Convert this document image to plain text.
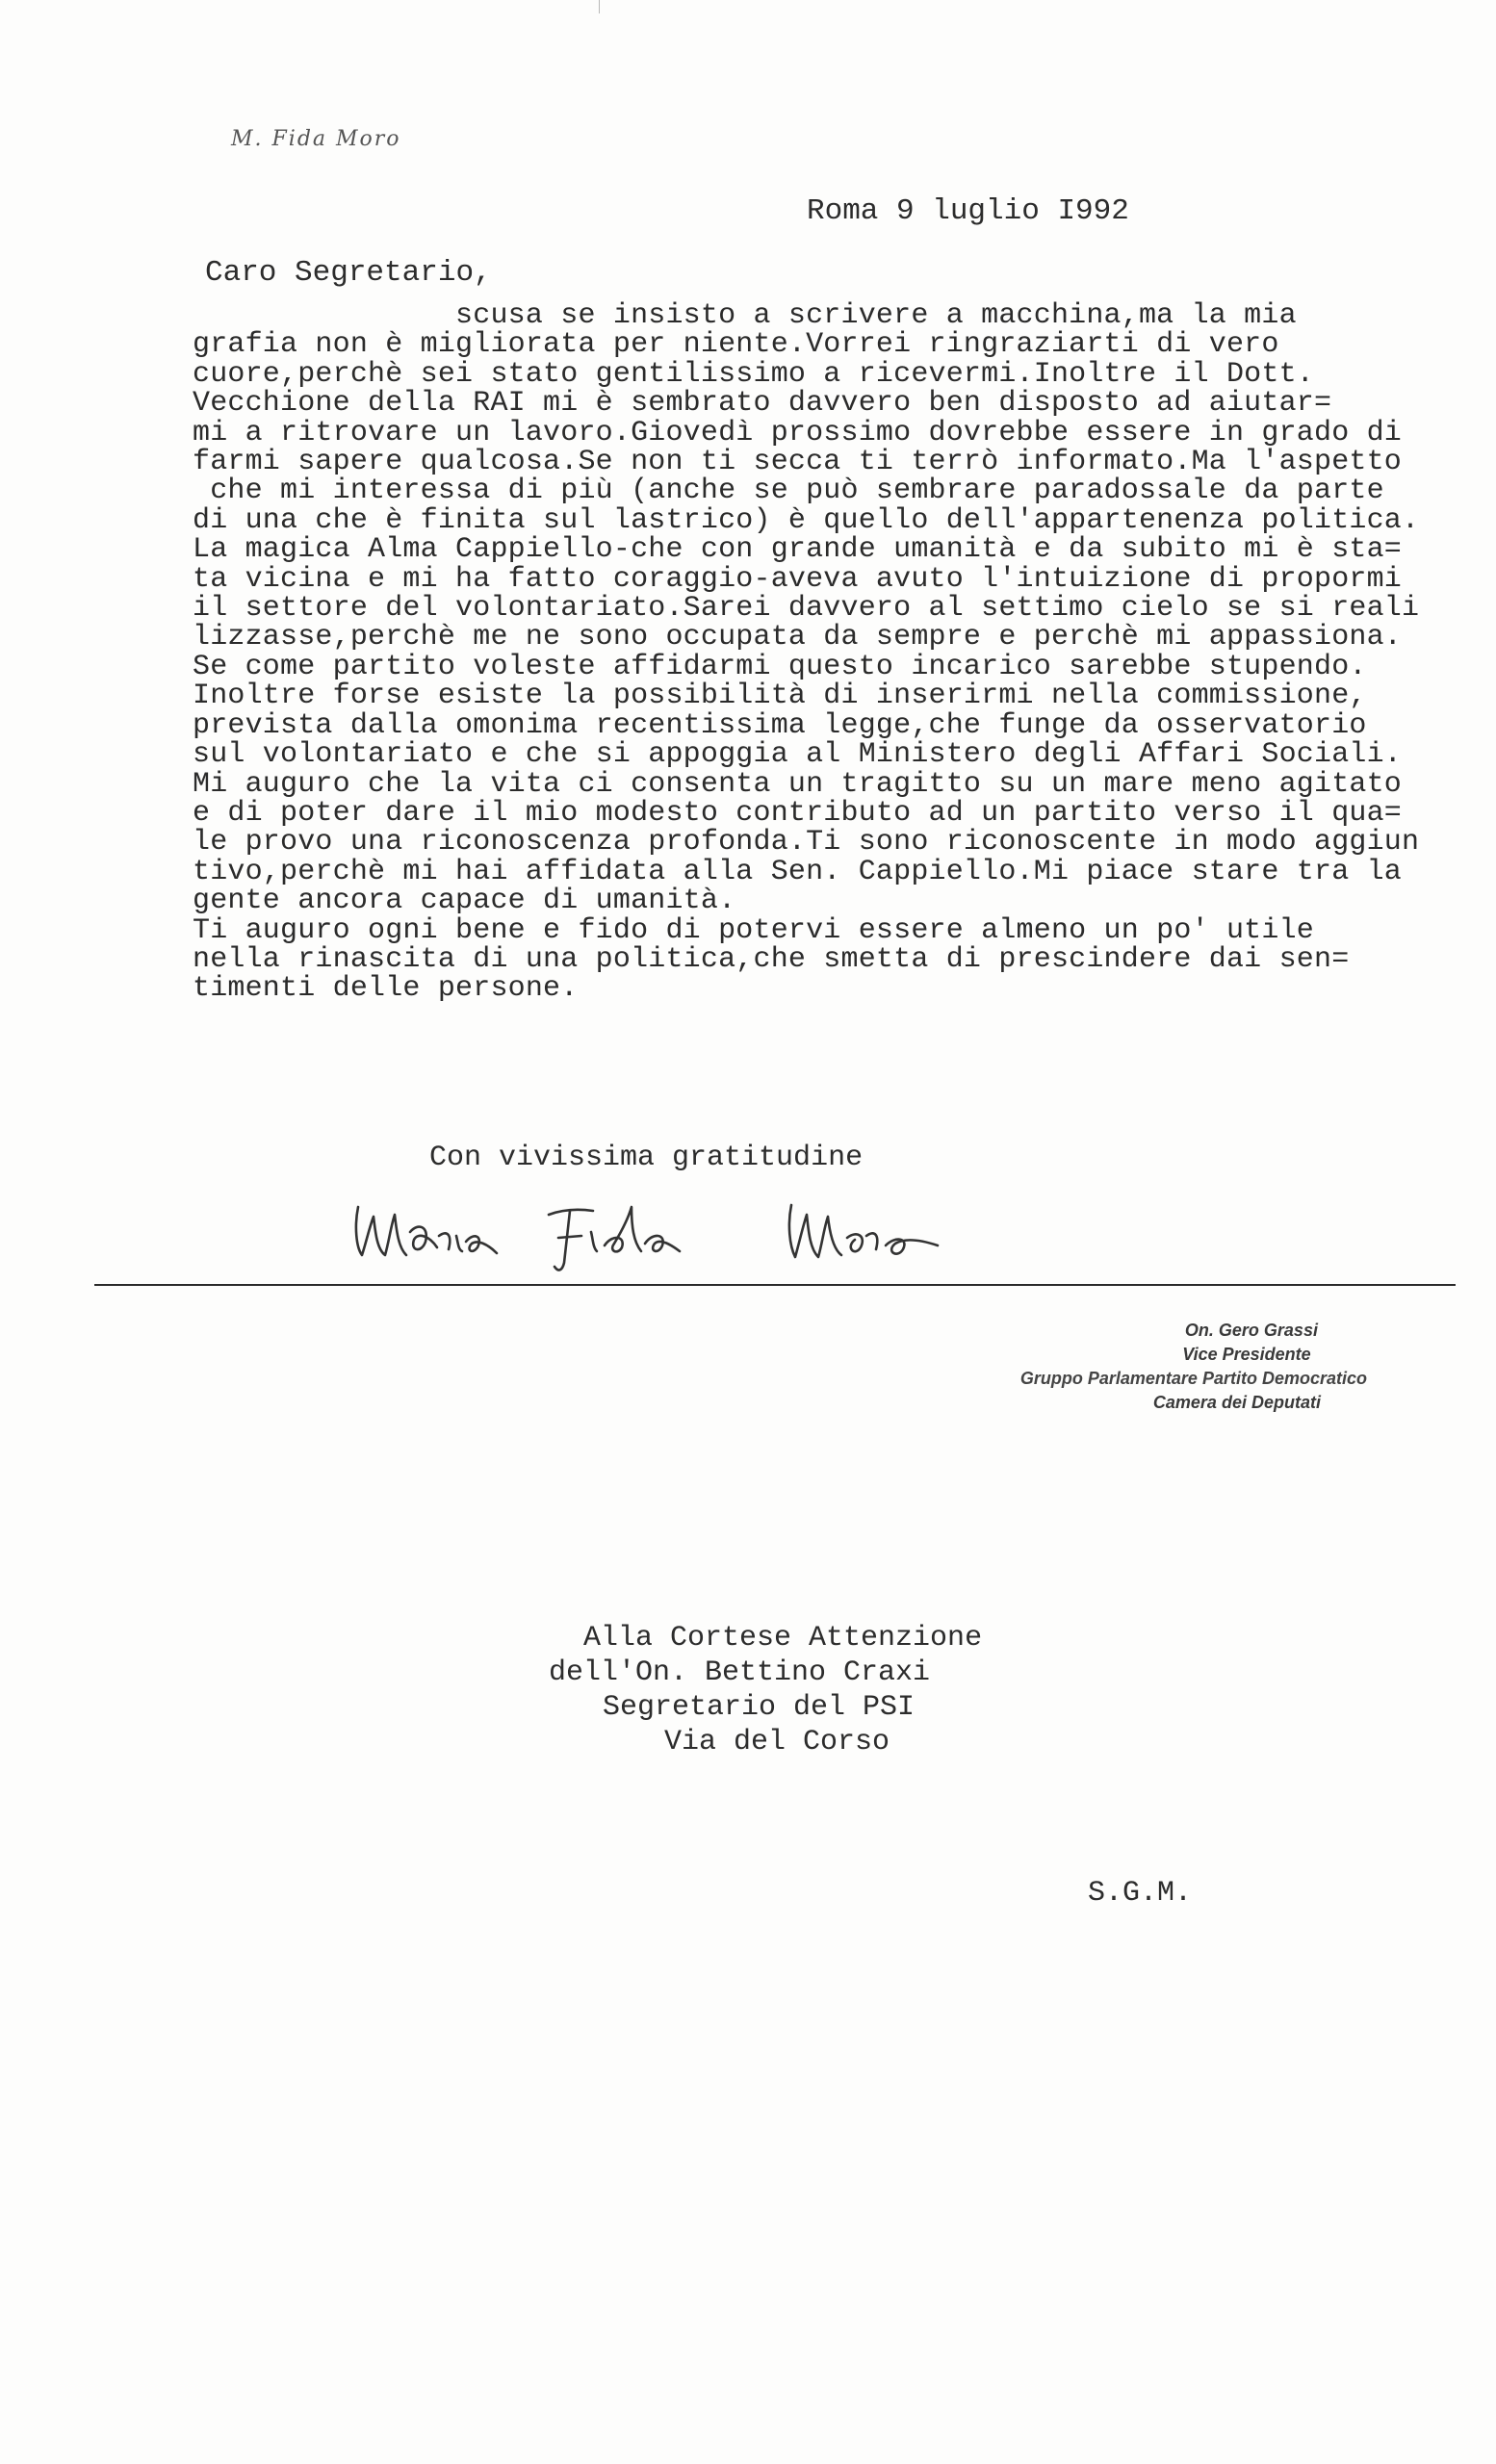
M. Fida Moro
Roma 9 luglio I992
Caro Segretario,
scusa se insisto a scrivere a macchina,ma la mia
grafia non è migliorata per niente.Vorrei ringraziarti di vero
cuore,perchè sei stato gentilissimo a ricevermi.Inoltre il Dott.
Vecchione della RAI mi è sembrato davvero ben disposto ad aiutar=
mi a ritrovare un lavoro.Giovedì prossimo dovrebbe essere in grado di
farmi sapere qualcosa.Se non ti secca ti terrò informato.Ma l'aspetto
che mi interessa di più (anche se può sembrare paradossale da parte
di una che è finita sul lastrico) è quello dell'appartenenza politica.
La magica Alma Cappiello-che con grande umanità e da subito mi è sta=
ta vicina e mi ha fatto coraggio-aveva avuto l'intuizione di propormi
il settore del volontariato.Sarei davvero al settimo cielo se si reali
lizzasse,perchè me ne sono occupata da sempre e perchè mi appassiona.
Se come partito voleste affidarmi questo incarico sarebbe stupendo.
Inoltre forse esiste la possibilità di inserirmi nella commissione,
prevista dalla omonima recentissima legge,che funge da osservatorio
sul volontariato e che si appoggia al Ministero degli Affari Sociali.
Mi auguro che la vita ci consenta un tragitto su un mare meno agitato
e di poter dare il mio modesto contributo ad un partito verso il qua=
le provo una riconoscenza profonda.Ti sono riconoscente in modo aggiun
tivo,perchè mi hai affidata alla Sen. Cappiello.Mi piace stare tra la
gente ancora capace di umanità.
Ti auguro ogni bene e fido di potervi essere almeno un po' utile
nella rinascita di una politica,che smetta di prescindere dai sen=
timenti delle persone.
Con vivissima gratitudine
On. Gero Grassi
Vice Presidente
Gruppo Parlamentare Partito Democratico
Camera dei Deputati
Alla Cortese Attenzione
dell'On. Bettino Craxi
Segretario del PSI
Via del Corso
S.G.M.
